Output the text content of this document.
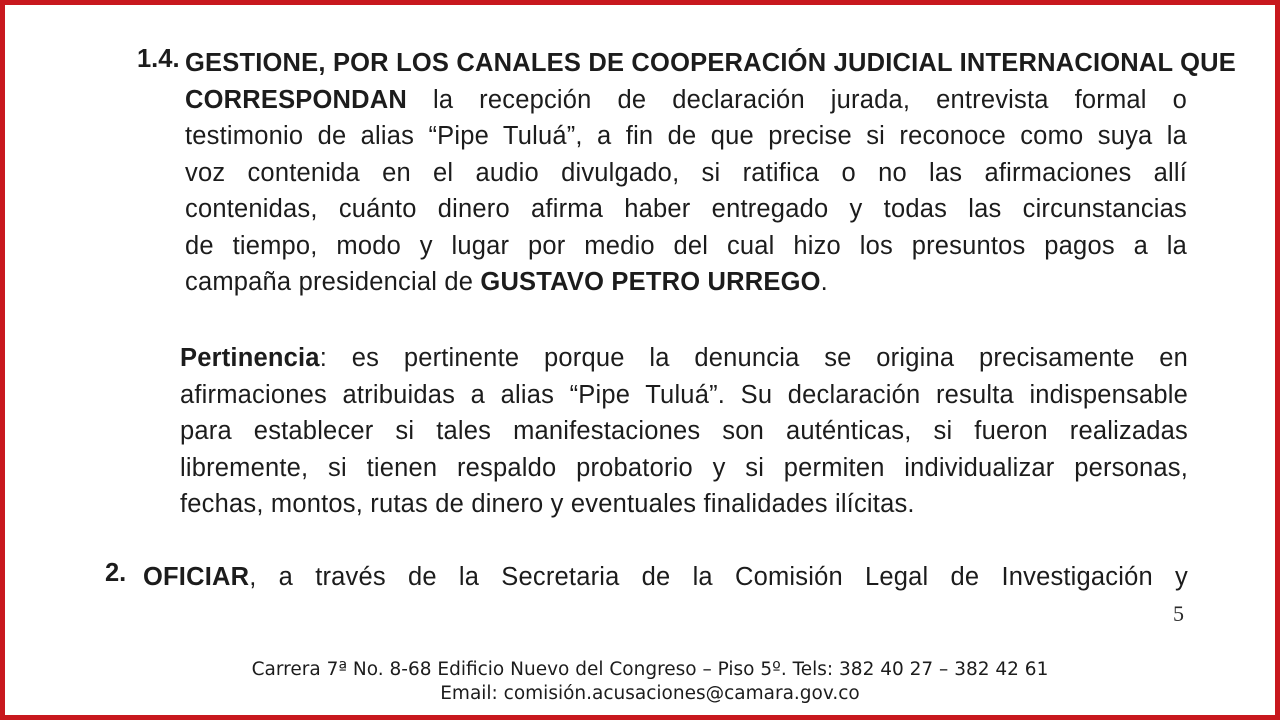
1.4. GESTIONE, POR LOS CANALES DE COOPERACIÓN JUDICIAL INTERNACIONAL QUE
CORRESPONDAN la recepción de declaración jurada, entrevista formal o
testimonio de alias “Pipe Tuluá”, a fin de que precise si reconoce como suya la
voz contenida en el audio divulgado, si ratifica o no las afirmaciones allí
contenidas, cuánto dinero afirma haber entregado y todas las circunstancias
de tiempo, modo y lugar por medio del cual hizo los presuntos pagos a la
campaña presidencial de GUSTAVO PETRO URREGO.
Pertinencia: es pertinente porque la denuncia se origina precisamente en
afirmaciones atribuidas a alias “Pipe Tuluá”. Su declaración resulta indispensable
para establecer si tales manifestaciones son auténticas, si fueron realizadas
libremente, si tienen respaldo probatorio y si permiten individualizar personas,
fechas, montos, rutas de dinero y eventuales finalidades ilícitas.
2. OFICIAR, a través de la Secretaria de la Comisión Legal de Investigación y
5
Carrera 7ª No. 8-68 Edificio Nuevo del Congreso – Piso 5º. Tels: 382 40 27 – 382 42 61
Email: comisión.acusaciones@camara.gov.co
